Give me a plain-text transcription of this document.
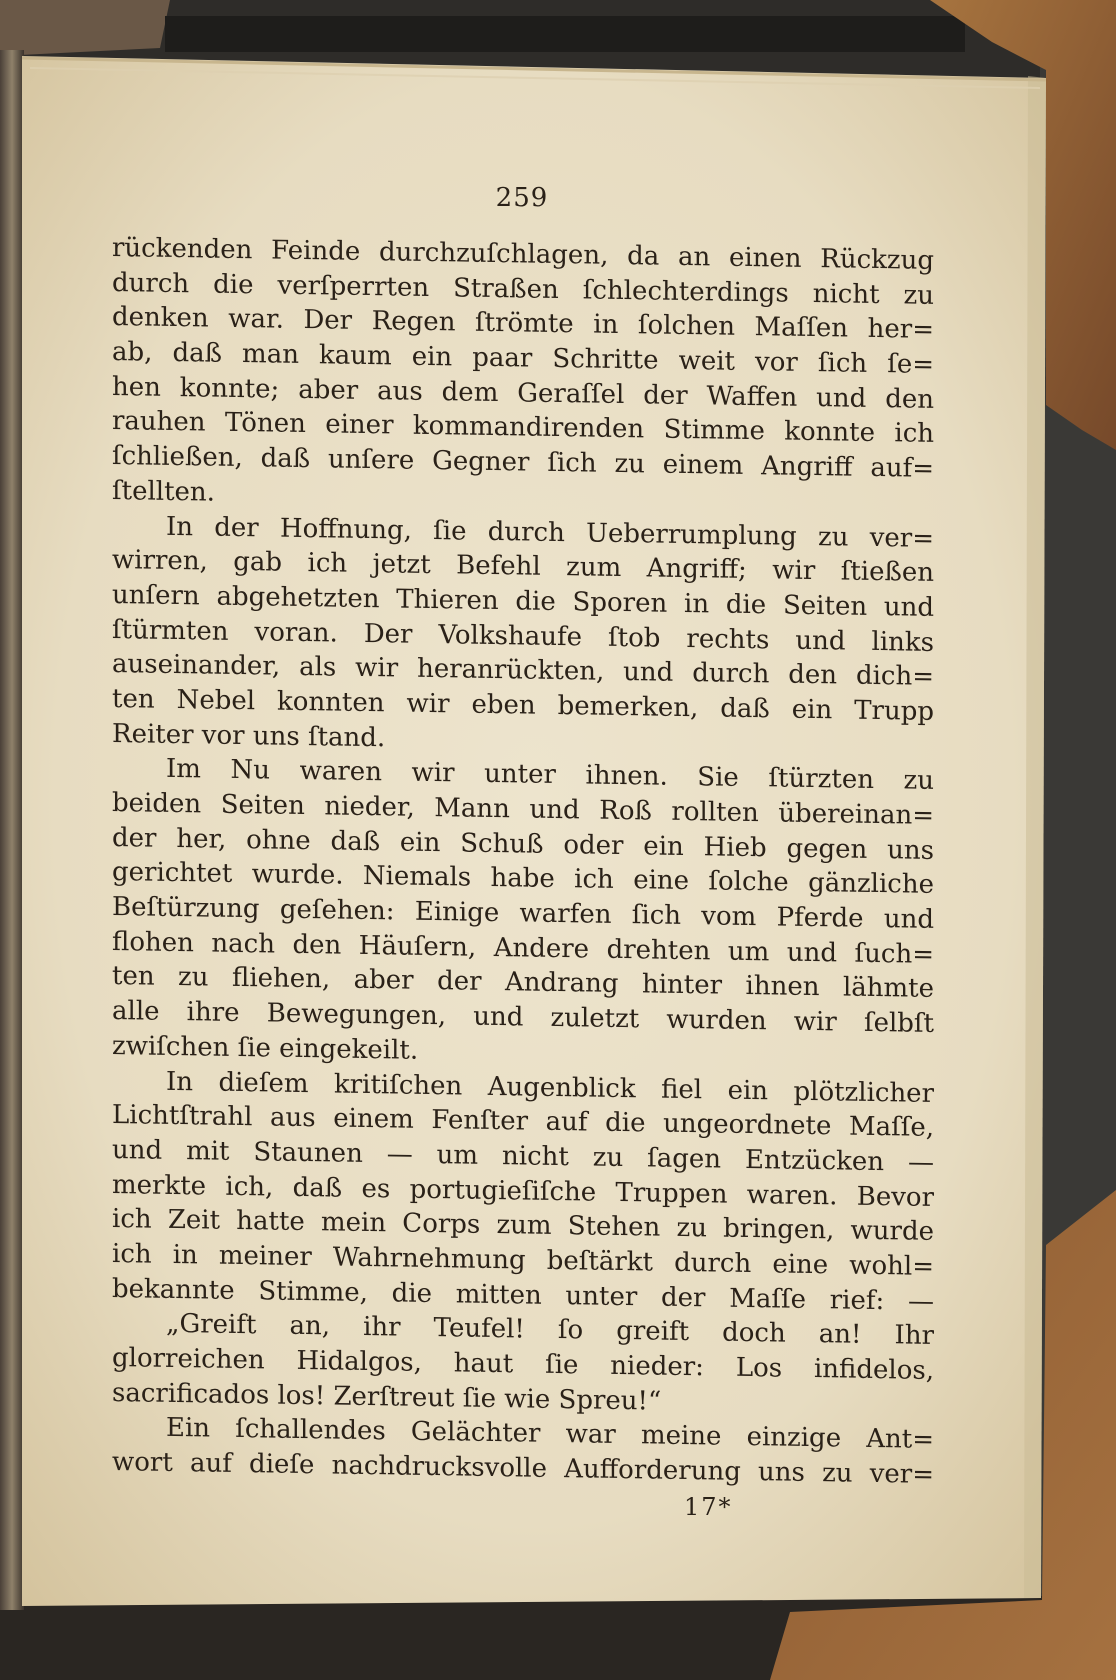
259
rückenden Feinde durchzuſchlagen, da an einen Rückzug
durch die verſperrten Straßen ſchlechterdings nicht zu
denken war. Der Regen ſtrömte in ſolchen Maſſen her=
ab, daß man kaum ein paar Schritte weit vor ſich ſe=
hen konnte; aber aus dem Geraſſel der Waffen und den
rauhen Tönen einer kommandirenden Stimme konnte ich
ſchließen, daß unſere Gegner ſich zu einem Angriff auf=
ſtellten.
In der Hoffnung, ſie durch Ueberrumplung zu ver=
wirren, gab ich jetzt Befehl zum Angriff; wir ſtießen
unſern abgehetzten Thieren die Sporen in die Seiten und
ſtürmten voran. Der Volkshaufe ſtob rechts und links
auseinander, als wir heranrückten, und durch den dich=
ten Nebel konnten wir eben bemerken, daß ein Trupp
Reiter vor uns ſtand.
Im Nu waren wir unter ihnen. Sie ſtürzten zu
beiden Seiten nieder, Mann und Roß rollten übereinan=
der her, ohne daß ein Schuß oder ein Hieb gegen uns
gerichtet wurde. Niemals habe ich eine ſolche gänzliche
Beſtürzung geſehen: Einige warfen ſich vom Pferde und
flohen nach den Häuſern, Andere drehten um und ſuch=
ten zu fliehen, aber der Andrang hinter ihnen lähmte
alle ihre Bewegungen, und zuletzt wurden wir ſelbſt
zwiſchen ſie eingekeilt.
In dieſem kritiſchen Augenblick fiel ein plötzlicher
Lichtſtrahl aus einem Fenſter auf die ungeordnete Maſſe,
und mit Staunen — um nicht zu ſagen Entzücken —
merkte ich, daß es portugieſiſche Truppen waren. Bevor
ich Zeit hatte mein Corps zum Stehen zu bringen, wurde
ich in meiner Wahrnehmung beſtärkt durch eine wohl=
bekannte Stimme, die mitten unter der Maſſe rief: —
„Greift an, ihr Teufel! ſo greift doch an! Ihr
glorreichen Hidalgos, haut ſie nieder: Los infidelos,
sacrificados los! Zerſtreut ſie wie Spreu!“
Ein ſchallendes Gelächter war meine einzige Ant=
wort auf dieſe nachdrucksvolle Aufforderung uns zu ver=
17*
